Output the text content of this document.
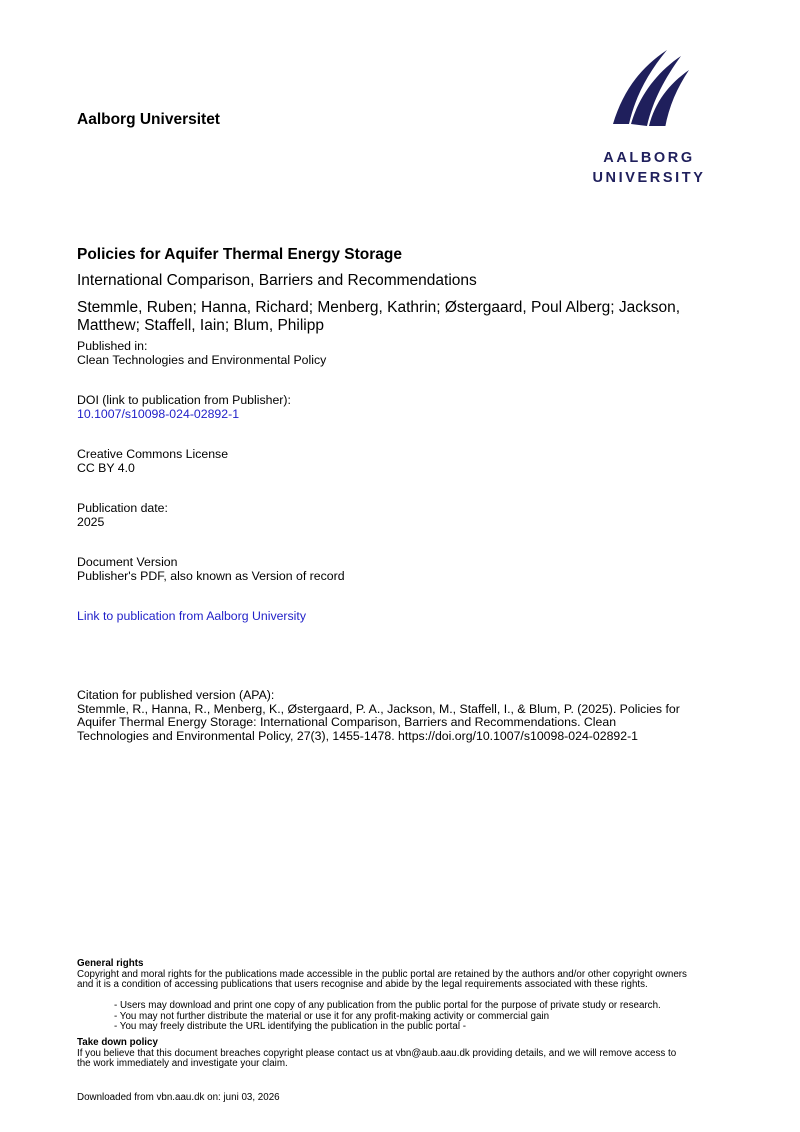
Aalborg Universitet
AALBORG
UNIVERSITY
Policies for Aquifer Thermal Energy Storage
International Comparison, Barriers and Recommendations
Stemmle, Ruben; Hanna, Richard; Menberg, Kathrin; Østergaard, Poul Alberg; Jackson, Matthew; Staffell, Iain; Blum, Philipp
Published in:
Clean Technologies and Environmental Policy
DOI (link to publication from Publisher):
10.1007/s10098-024-02892-1
Creative Commons License
CC BY 4.0
Publication date:
2025
Document Version
Publisher's PDF, also known as Version of record
Link to publication from Aalborg University
Citation for published version (APA):
Stemmle, R., Hanna, R., Menberg, K., Østergaard, P. A., Jackson, M., Staffell, I., & Blum, P. (2025). Policies for
Aquifer Thermal Energy Storage: International Comparison, Barriers and Recommendations. Clean
Technologies and Environmental Policy, 27(3), 1455-1478. https://doi.org/10.1007/s10098-024-02892-1
General rights
Copyright and moral rights for the publications made accessible in the public portal are retained by the authors and/or other copyright owners
and it is a condition of accessing publications that users recognise and abide by the legal requirements associated with these rights.
- Users may download and print one copy of any publication from the public portal for the purpose of private study or research.
- You may not further distribute the material or use it for any profit-making activity or commercial gain
- You may freely distribute the URL identifying the publication in the public portal -
Take down policy
If you believe that this document breaches copyright please contact us at vbn@aub.aau.dk providing details, and we will remove access to
the work immediately and investigate your claim.
Downloaded from vbn.aau.dk on: juni 03, 2026
